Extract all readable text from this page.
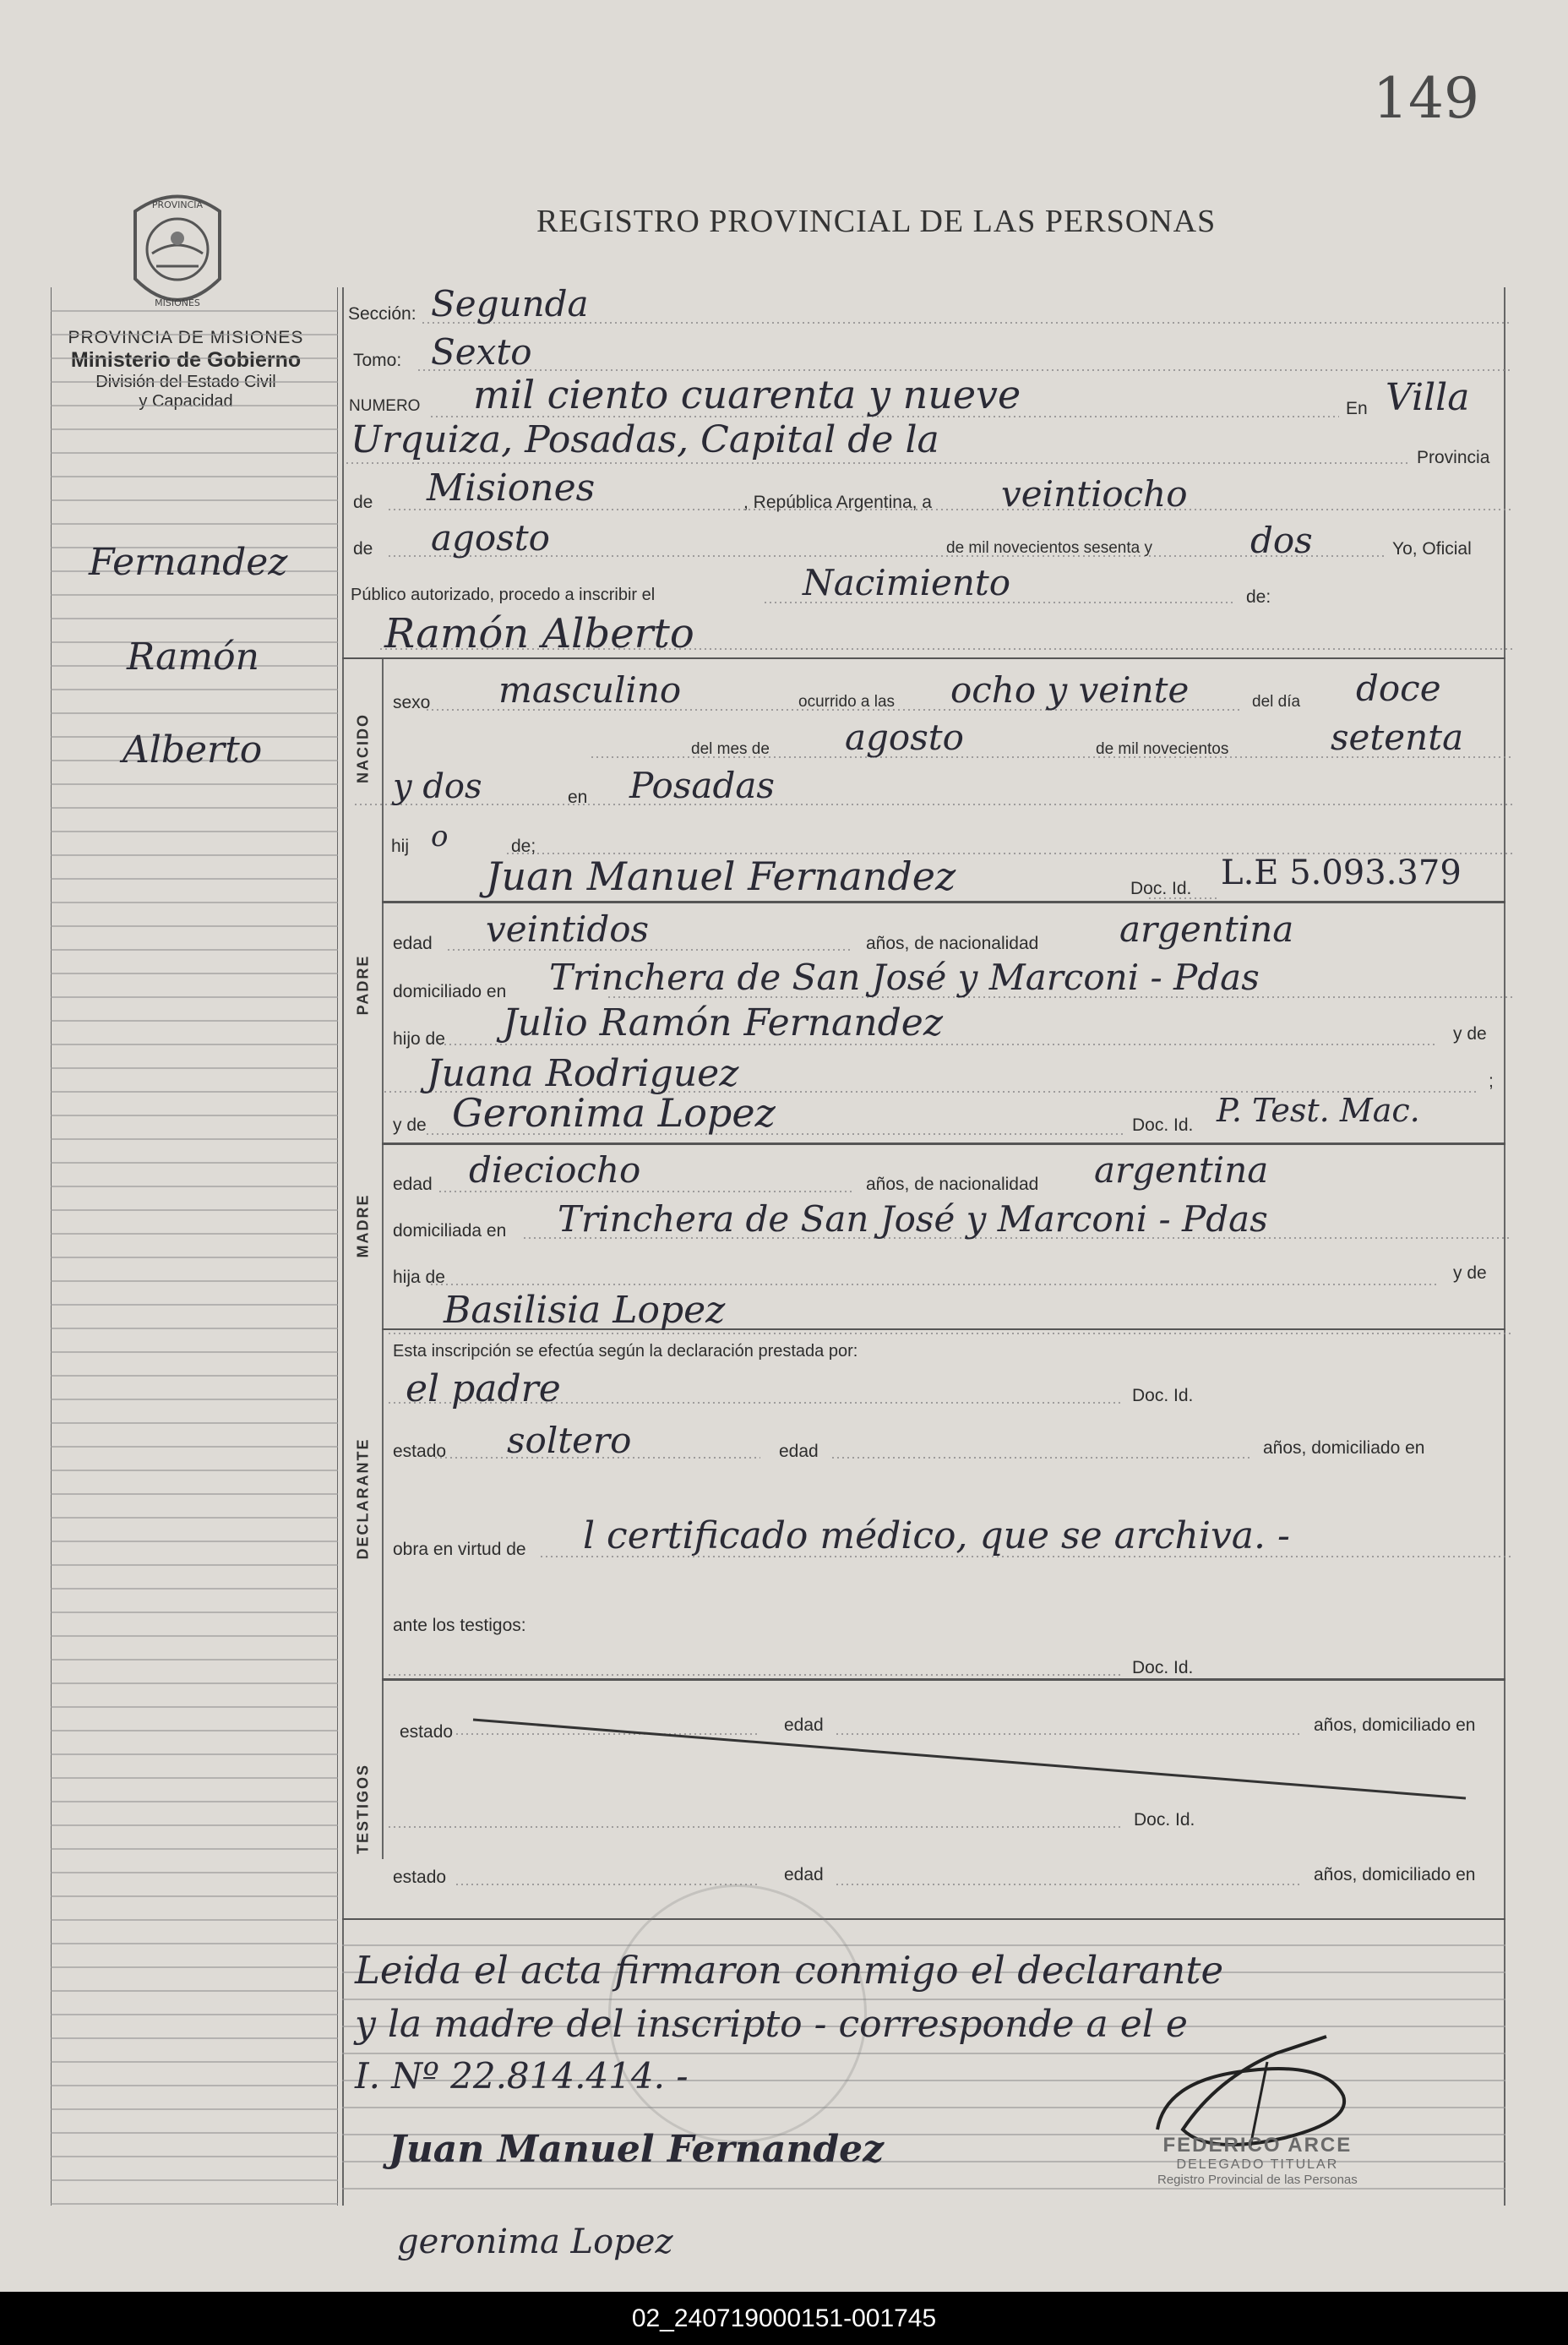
149
REGISTRO PROVINCIAL DE LAS PERSONAS
PROVINCIA
MISIONES
PROVINCIA DE MISIONES
Ministerio de Gobierno
División del Estado Civil
y Capacidad
Fernandez
Ramón
Alberto	NACIDO
PADRE
MADRE
DECLARANTE
TESTIGOS
Sección: Segunda
Tomo: Sexto
NUMERO mil ciento cuarenta y nueve	En Villa
Urquiza, Posadas, Capital de la	Provincia
de Misiones	, República Argentina, a veintiocho
de agosto	de mil novecientos sesenta y	dos	Yo, Oficial
Público autorizado, procedo a inscribir el	Nacimiento	de:
Ramón Alberto
sexo masculino	ocurrido a las ocho y veinte	del día doce
del mes de agosto	de mil novecientos	setenta
y dos	en Posadas
hij o	de;
Juan Manuel Fernandez	Doc. Id. L.E 5.093.379
edad veintidos	años, de nacionalidad argentina
domiciliado en Trinchera de San José y Marconi - Pdas
hijo de Julio Ramón Fernandez	y de
Juana Rodriguez	;
y de Geronima Lopez	Doc. Id. P. Test. Mac.
edad dieciocho	años, de nacionalidad argentina
domiciliada en Trinchera de San José y Marconi - Pdas
hija de	y de
Basilisia Lopez
Esta inscripción se efectúa según la declaración prestada por:
el padre	Doc. Id.
estado soltero	edad	años, domiciliado en
obra en virtud de l certificado médico, que se archiva. -
ante los testigos:
Doc. Id.
estado	edad	años, domiciliado en
Doc. Id.
estado	edad	años, domiciliado en
Leida el acta firmaron conmigo el declarante
y la madre del inscripto - corresponde a el e
I. Nº 22.814.414. -
FEDERICO ARCE
DELEGADO TITULAR
Registro Provincial de las Personas
Juan Manuel Fernandez
geronima Lopez
02_240719000151-001745
